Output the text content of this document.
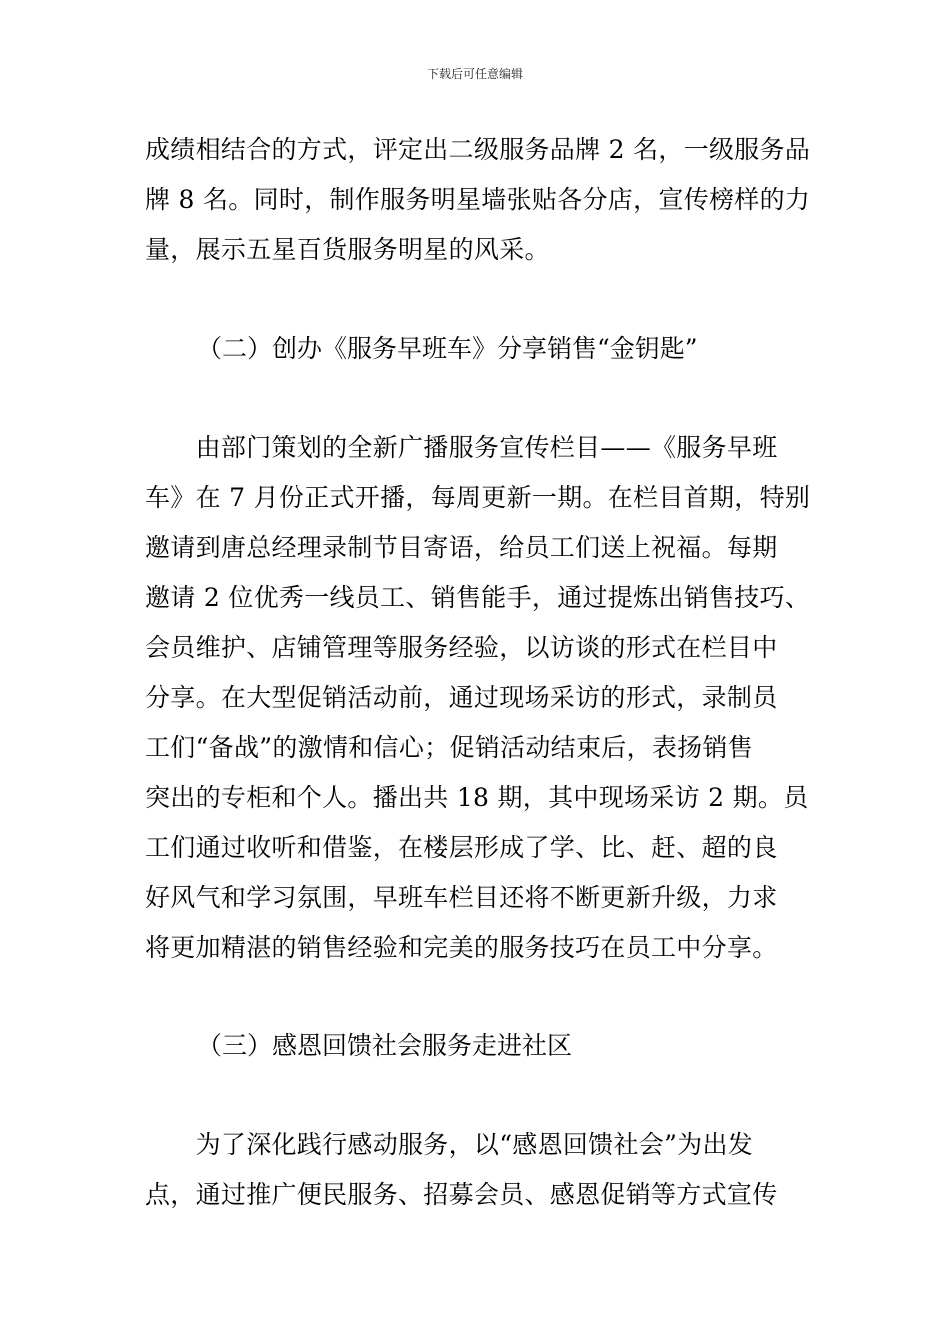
下载后可任意编辑
成绩相结合的方式，评定出二级服务品牌 2 名，一级服务品
牌 8 名。同时，制作服务明星墙张贴各分店，宣传榜样的力
量，展示五星百货服务明星的风采。
（二）创办《服务早班车》分享销售“金钥匙”
　　由部门策划的全新广播服务宣传栏目——《服务早班
车》在 7 月份正式开播，每周更新一期。在栏目首期，特别
邀请到唐总经理录制节目寄语，给员工们送上祝福。每期
邀请 2 位优秀一线员工、销售能手，通过提炼出销售技巧、
会员维护、店铺管理等服务经验，以访谈的形式在栏目中
分享。在大型促销活动前，通过现场采访的形式，录制员
工们“备战”的激情和信心；促销活动结束后，表扬销售
突出的专柜和个人。播出共 18 期，其中现场采访 2 期。员
工们通过收听和借鉴，在楼层形成了学、比、赶、超的良
好风气和学习氛围，早班车栏目还将不断更新升级，力求
将更加精湛的销售经验和完美的服务技巧在员工中分享。
（三）感恩回馈社会服务走进社区
　　为了深化践行感动服务，以“感恩回馈社会”为出发
点，通过推广便民服务、招募会员、感恩促销等方式宣传
